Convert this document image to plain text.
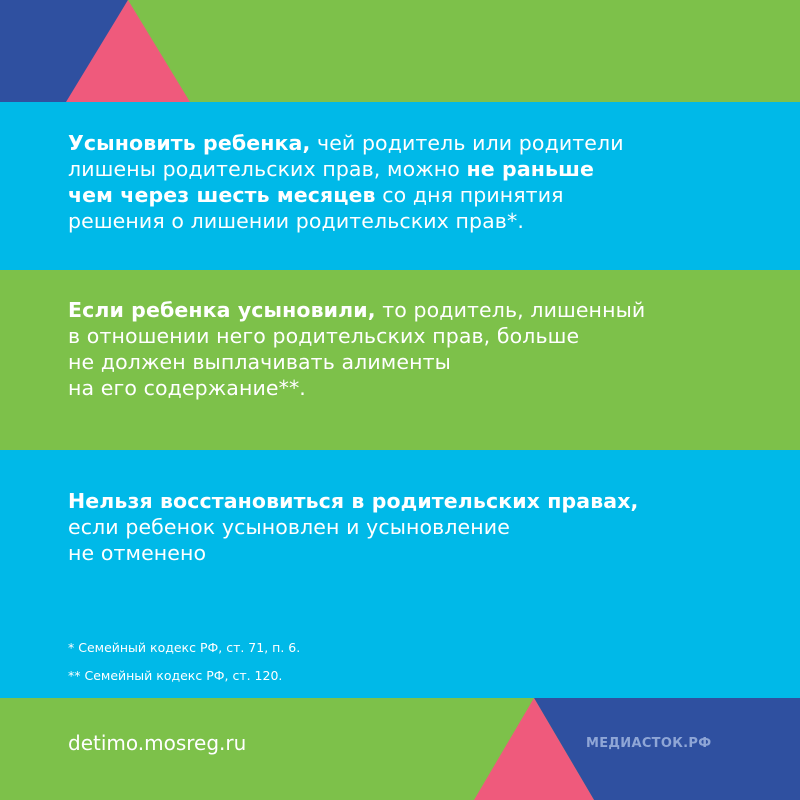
Усыновить ребенка, чей родитель или родители
лишены родительских прав, можно не раньше
чем через шесть месяцев со дня принятия
решения о лишении родительских прав*.
Если ребенка усыновили, то родитель, лишенный
в отношении него родительских прав, больше
не должен выплачивать алименты
на его содержание**.
Нельзя восстановиться в родительских правах,
если ребенок усыновлен и усыновление
не отменено
* Семейный кодекс РФ, ст. 71, п. 6.
** Семейный кодекс РФ, ст. 120.
detimo.mosreg.ru	МЕДИАСТОК.РФ
